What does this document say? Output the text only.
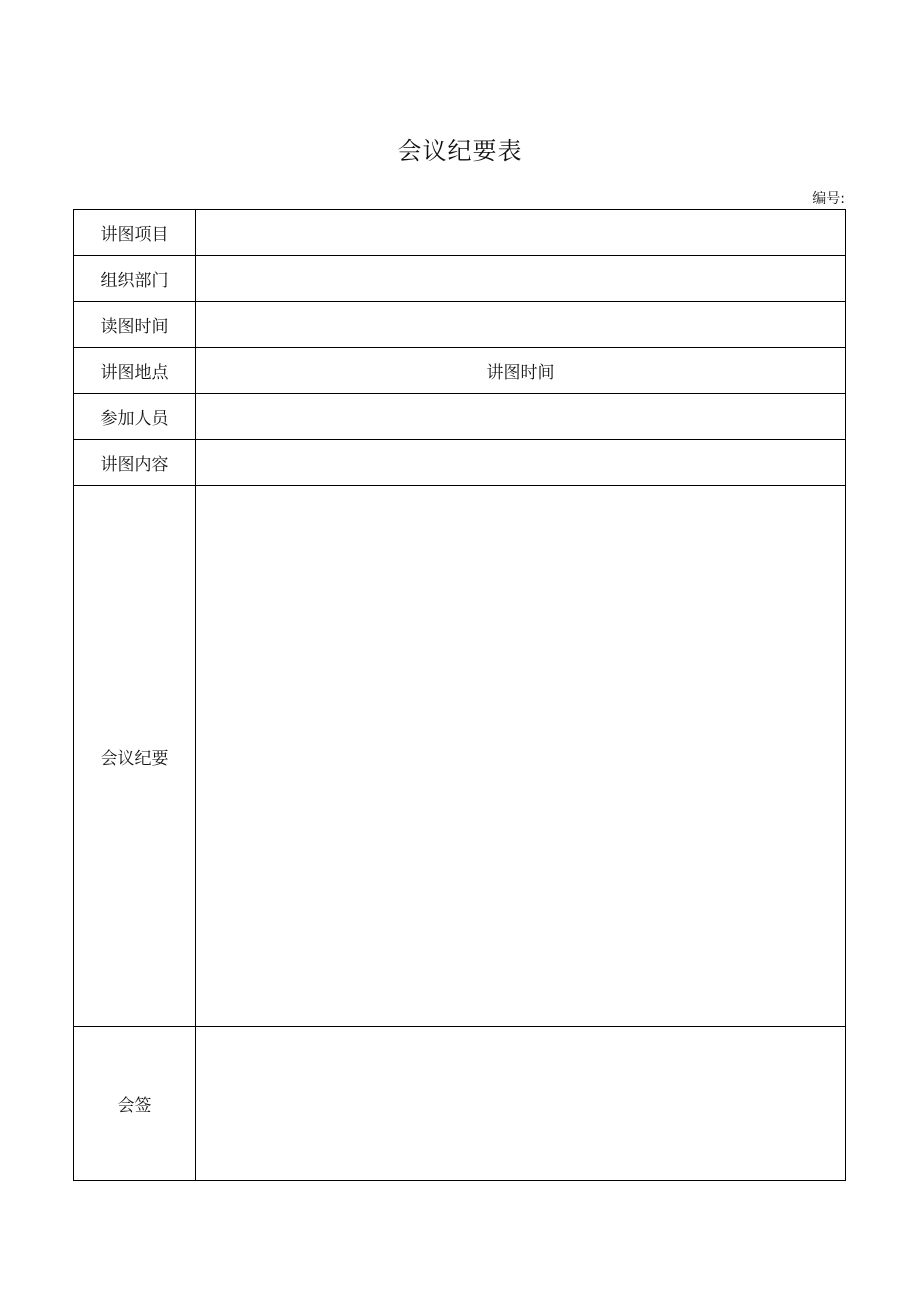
会议纪要表
编号:
讲图项目	
组织部门	
读图时间	
讲图地点	讲图时间
参加人员	
讲图内容	
会议纪要	
会签	
